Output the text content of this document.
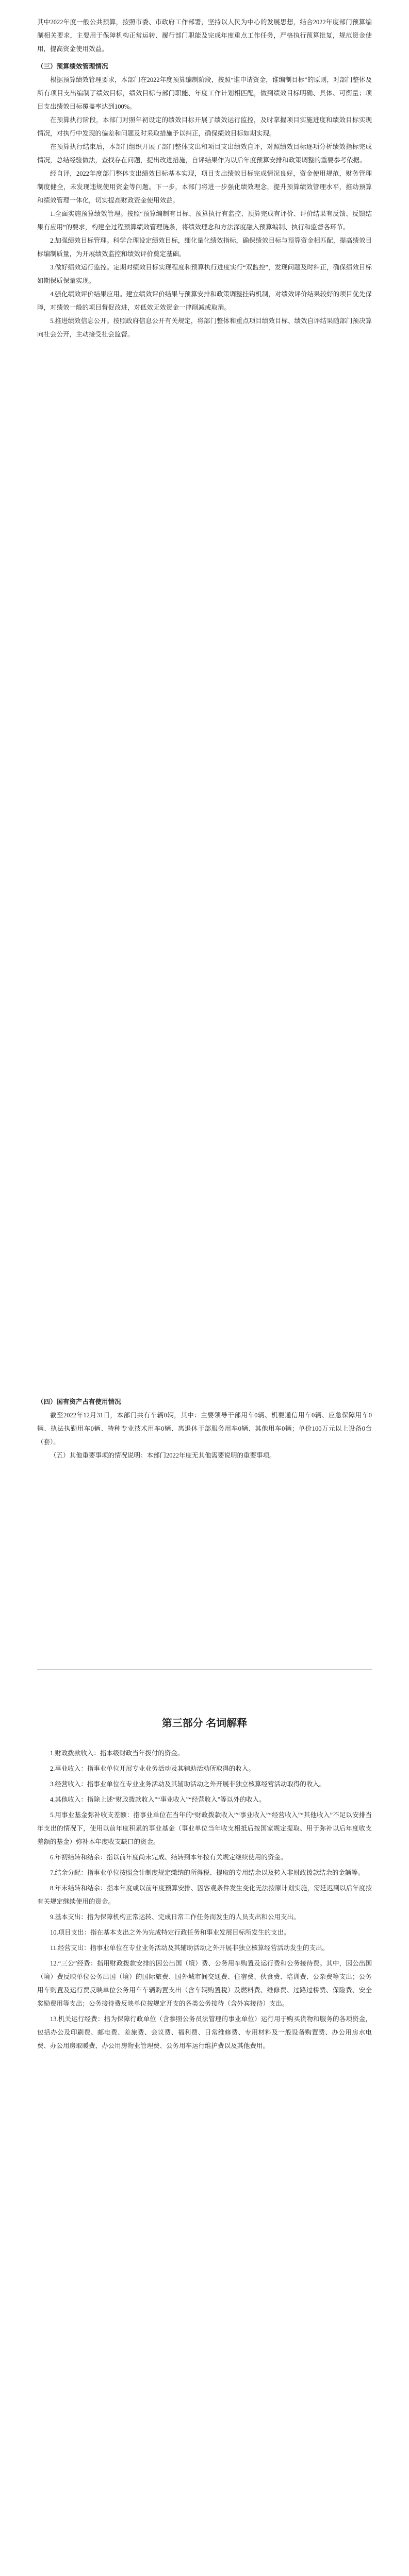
其中2022年度一般公共预算，按照市委、市政府工作部署，坚持以人民为中心的发展思想，结合2022年度部门预算编制相关要求，主要用于保障机构正常运转、履行部门职能及完成年度重点工作任务，严格执行预算批复，规范资金使用，提高资金使用效益。

（三）预算绩效管理情况

根据预算绩效管理要求，本部门在2022年度预算编制阶段，按照“谁申请资金，谁编制目标”的原则，对部门整体及所有项目支出编制了绩效目标，绩效目标与部门职能、年度工作计划相匹配，做到绩效目标明确、具体、可衡量；项目支出绩效目标覆盖率达到100%。

在预算执行阶段，本部门对照年初设定的绩效目标开展了绩效运行监控，及时掌握项目实施进度和绩效目标实现情况，对执行中发现的偏差和问题及时采取措施予以纠正，确保绩效目标如期实现。

在预算执行结束后，本部门组织开展了部门整体支出和项目支出绩效自评，对照绩效目标逐项分析绩效指标完成情况，总结经验做法，查找存在问题，提出改进措施，自评结果作为以后年度预算安排和政策调整的重要参考依据。

经自评，2022年度部门整体支出绩效目标基本实现，项目支出绩效目标完成情况良好，资金使用规范，财务管理制度健全，未发现违规使用资金等问题。下一步，本部门将进一步强化绩效理念，提升预算绩效管理水平，推动预算和绩效管理一体化，切实提高财政资金使用效益。

1.全面实施预算绩效管理。按照“预算编制有目标、预算执行有监控、预算完成有评价、评价结果有反馈、反馈结果有应用”的要求，构建全过程预算绩效管理链条，将绩效理念和方法深度融入预算编制、执行和监督各环节。

2.加强绩效目标管理。科学合理设定绩效目标，细化量化绩效指标，确保绩效目标与预算资金相匹配，提高绩效目标编制质量，为开展绩效监控和绩效评价奠定基础。

3.做好绩效运行监控。定期对绩效目标实现程度和预算执行进度实行“双监控”，发现问题及时纠正，确保绩效目标如期保质保量实现。

4.强化绩效评价结果应用。建立绩效评价结果与预算安排和政策调整挂钩机制，对绩效评价结果较好的项目优先保障，对绩效一般的项目督促改进，对低效无效资金一律削减或取消。

5.推进绩效信息公开。按照政府信息公开有关规定，将部门整体和重点项目绩效目标、绩效自评结果随部门预决算向社会公开，主动接受社会监督。

（四）国有资产占有使用情况

截至2022年12月31日，本部门共有车辆0辆，其中：主要领导干部用车0辆、机要通信用车0辆、应急保障用车0辆、执法执勤用车0辆、特种专业技术用车0辆、离退休干部服务用车0辆、其他用车0辆；单价100万元以上设备0台（套）。

（五）其他重要事项的情况说明：本部门2022年度无其他需要说明的重要事项。

第三部分 名词解释

1.财政拨款收入：指本级财政当年拨付的资金。

2.事业收入：指事业单位开展专业业务活动及其辅助活动所取得的收入。

3.经营收入：指事业单位在专业业务活动及其辅助活动之外开展非独立核算经营活动取得的收入。

4.其他收入：指除上述“财政拨款收入”“事业收入”“经营收入”等以外的收入。

5.用事业基金弥补收支差额：指事业单位在当年的“财政拨款收入”“事业收入”“经营收入”“其他收入”不足以安排当年支出的情况下，使用以前年度积累的事业基金（事业单位当年收支相抵后按国家规定提取、用于弥补以后年度收支差额的基金）弥补本年度收支缺口的资金。

6.年初结转和结余：指以前年度尚未完成、结转到本年按有关规定继续使用的资金。

7.结余分配：指事业单位按照会计制度规定缴纳的所得税、提取的专用结余以及转入非财政拨款结余的金额等。

8.年末结转和结余：指本年度或以前年度预算安排、因客观条件发生变化无法按原计划实施，需延迟到以后年度按有关规定继续使用的资金。

9.基本支出：指为保障机构正常运转、完成日常工作任务而发生的人员支出和公用支出。

10.项目支出：指在基本支出之外为完成特定行政任务和事业发展目标所发生的支出。

11.经营支出：指事业单位在专业业务活动及其辅助活动之外开展非独立核算经营活动发生的支出。

12.“三公”经费：指用财政拨款安排的因公出国（境）费、公务用车购置及运行费和公务接待费。其中，因公出国（境）费反映单位公务出国（境）的国际旅费、国外城市间交通费、住宿费、伙食费、培训费、公杂费等支出；公务用车购置及运行费反映单位公务用车车辆购置支出（含车辆购置税）及燃料费、维修费、过路过桥费、保险费、安全奖励费用等支出；公务接待费反映单位按规定开支的各类公务接待（含外宾接待）支出。

13.机关运行经费：指为保障行政单位（含参照公务员法管理的事业单位）运行用于购买货物和服务的各项资金，包括办公及印刷费、邮电费、差旅费、会议费、福利费、日常维修费、专用材料及一般设备购置费、办公用房水电费、办公用房取暖费、办公用房物业管理费、公务用车运行维护费以及其他费用。
